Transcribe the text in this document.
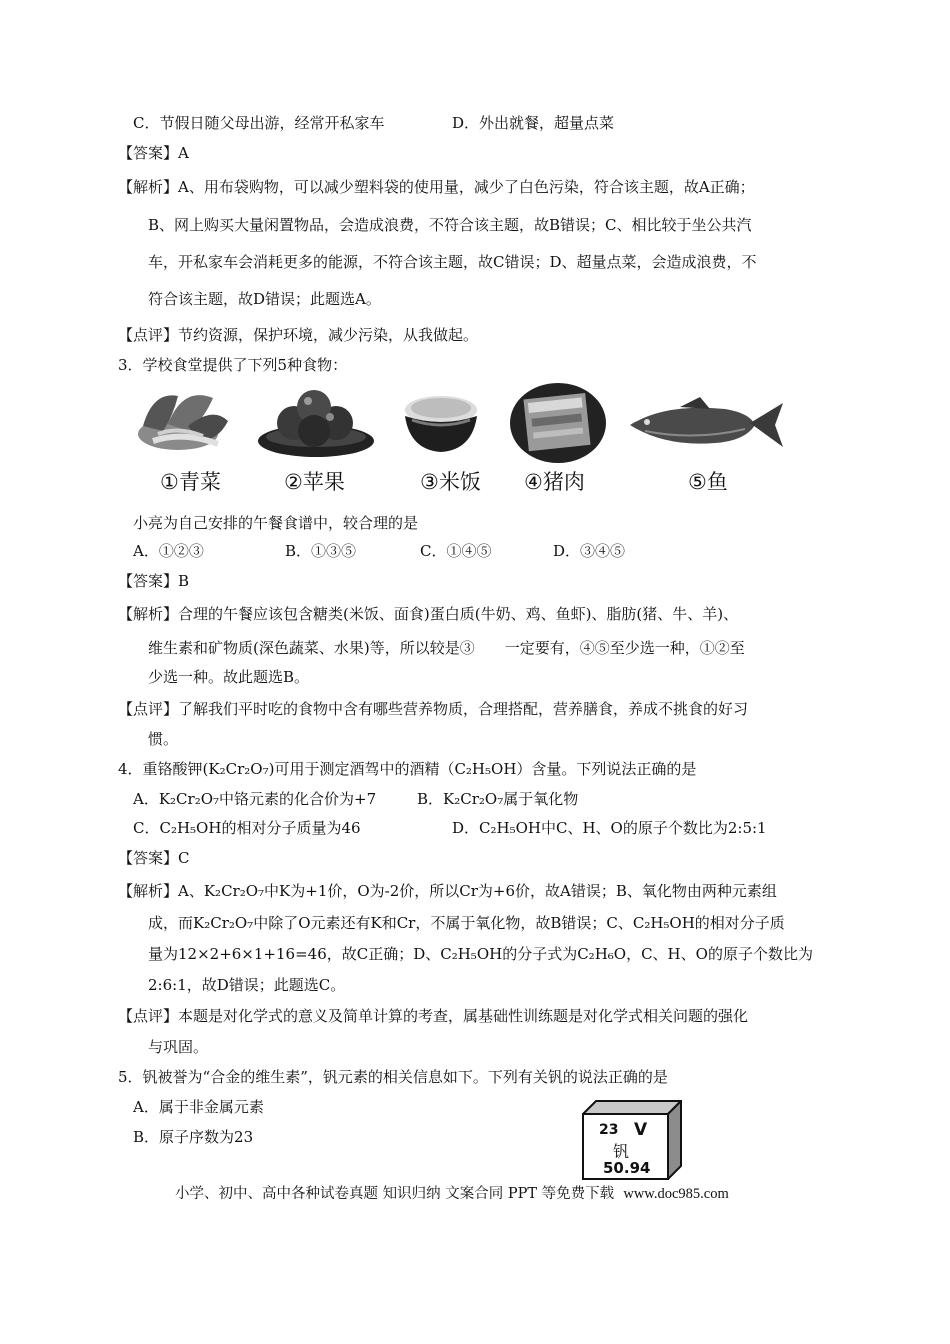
C．节假日随父母出游，经常开私家车	D．外出就餐，超量点菜
【答案】A
【解析】A、用布袋购物，可以减少塑料袋的使用量，减少了白色污染，符合该主题，故A正确；
B、网上购买大量闲置物品，会造成浪费，不符合该主题，故B错误；C、相比较于坐公共汽
车，开私家车会消耗更多的能源，不符合该主题，故C错误；D、超量点菜，会造成浪费，不
符合该主题，故D错误；此题选A。
【点评】节约资源，保护环境，减少污染，从我做起。
3．学校食堂提供了下列5种食物：
①青菜	②苹果	③米饭 ④猪肉	⑤鱼
小亮为自己安排的午餐食谱中，较合理的是
A．①②③	B．①③⑤	C．①④⑤	D．③④⑤
【答案】B
【解析】合理的午餐应该包含糖类(米饭、面食)蛋白质(牛奶、鸡、鱼虾)、脂肪(猪、牛、羊)、
维生素和矿物质(深色蔬菜、水果)等，所以较是③　　一定要有，④⑤至少选一种，①②至
少选一种。故此题选B。
【点评】了解我们平时吃的食物中含有哪些营养物质，合理搭配，营养膳食，养成不挑食的好习
惯。
4．重铬酸钾(K₂Cr₂O₇)可用于测定酒驾中的酒精（C₂H₅OH）含量。下列说法正确的是
A．K₂Cr₂O₇中铬元素的化合价为+7	B．K₂Cr₂O₇属于氧化物
C．C₂H₅OH的相对分子质量为46	D．C₂H₅OH中C、H、O的原子个数比为2:5:1
【答案】C
【解析】A、K₂Cr₂O₇中K为+1价，O为-2价，所以Cr为+6价，故A错误；B、氧化物由两种元素组
成，而K₂Cr₂O₇中除了O元素还有K和Cr，不属于氧化物，故B错误；C、C₂H₅OH的相对分子质
量为12×2+6×1+16=46，故C正确；D、C₂H₅OH的分子式为C₂H₆O，C、H、O的原子个数比为
2:6:1，故D错误；此题选C。
【点评】本题是对化学式的意义及简单计算的考查，属基础性训练题是对化学式相关问题的强化
与巩固。
5．钒被誉为“合金的维生素”，钒元素的相关信息如下。下列有关钒的说法正确的是
A．属于非金属元素
B．原子序数为23	23 V
钒
50.94
小学、初中、高中各种试卷真题 知识归纳 文案合同 PPT 等免费下载 www.doc985.com
